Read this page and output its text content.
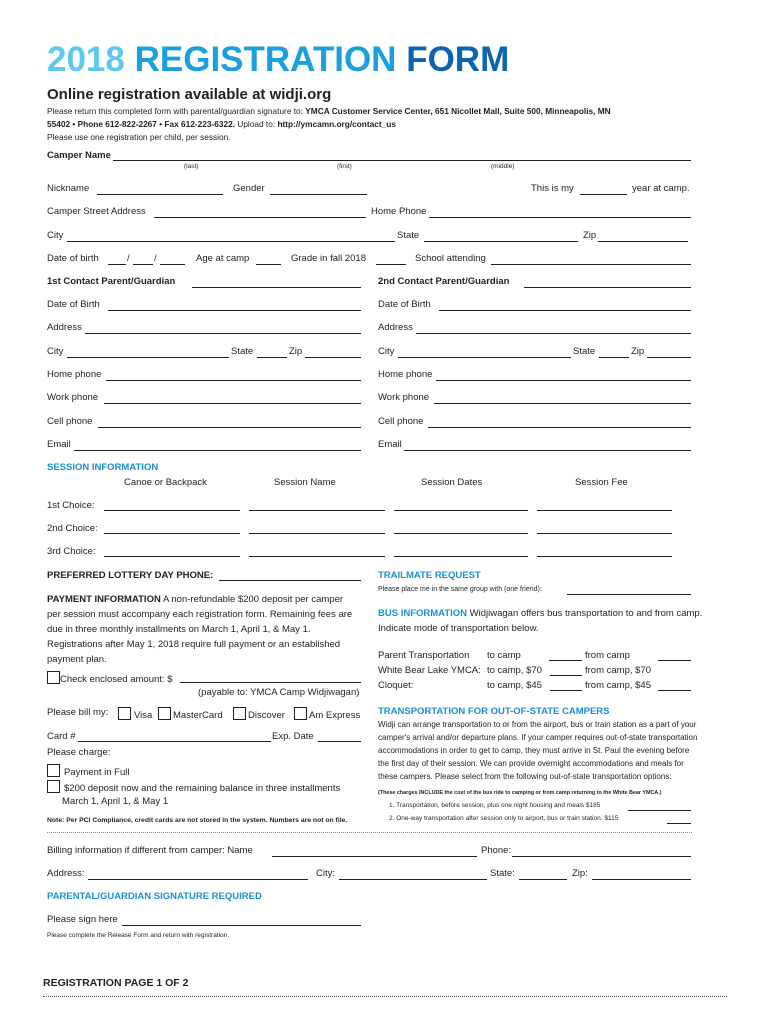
2018 REGISTRATION FORM
Online registration available at widji.org
Please return this completed form with parental/guardian signature to: YMCA Customer Service Center, 651 Nicollet Mall, Suite 500, Minneapolis, MN
55402 • Phone 612-822-2267 • Fax 612-223-6322. Upload to: http://ymcamn.org/contact_us
Please use one registration per child, per session.
Camper Name
(last)	(first)	(middle)
Nickname	Gender	This is my	year at camp.
Camper Street Address	Home Phone
City	State	Zip
Date of birth	/	/	Age at camp	Grade in fall 2018	School attending
1st Contact Parent/Guardian	2nd Contact Parent/Guardian
Date of Birth	Date of Birth
Address	Address
City	State	Zip	City	State	Zip
Home phone	Home phone
Work phone	Work phone
Cell phone	Cell phone
Email	Email
SESSION INFORMATION
Canoe or Backpack	Session Name	Session Dates	Session Fee
1st Choice:
2nd Choice:
3rd Choice:
PREFERRED LOTTERY DAY PHONE:
PAYMENT INFORMATION A non-refundable $200 deposit per camper per session must accompany each registration form. Remaining fees are due in three monthly installments on March 1, April 1, & May 1. Registrations after May 1, 2018 require full payment or an established payment plan.
Check enclosed amount: $
(payable to: YMCA Camp Widjiwagan)
Please bill my:	Visa	MasterCard	Discover	Am Express
Card #	Exp. Date
Please charge:
Payment in Full
$200 deposit now and the remaining balance in three installments
March 1, April 1, & May 1
Note: Per PCI Compliance, credit cards are not stored in the system. Numbers are not on file.
TRAILMATE REQUEST
Please place me in the same group with (one friend):
BUS INFORMATION Widjiwagan offers bus transportation to and from camp. Indicate mode of transportation below.
Parent Transportation to camp	from camp
White Bear Lake YMCA: to camp, $70	from camp, $70
Cloquet:	to camp, $45	from camp, $45
TRANSPORTATION FOR OUT-OF-STATE CAMPERS
Widji can arrange transportation to or from the airport, bus or train station as a part of your camper's arrival and/or departure plans. If your camper requires out-of-state transportation accommodations in order to get to camp, they must arrive in St. Paul the evening before the first day of their session. We can provide overnight accommodations and meals for these campers. Please select from the following out-of-state transportation options:
(These charges INCLUDE the cost of the bus ride to camping or from camp returning to the White Bear YMCA.)
1. Transportation, before session, plus one night housing and meals $185
2. One-way transportation after session only to airport, bus or train station. $115
Billing information if different from camper: Name	Phone:
Address:	City:	State:	Zip:
PARENTAL/GUARDIAN SIGNATURE REQUIRED
Please sign here
Please complete the Release Form and return with registration.
REGISTRATION PAGE 1 OF 2
